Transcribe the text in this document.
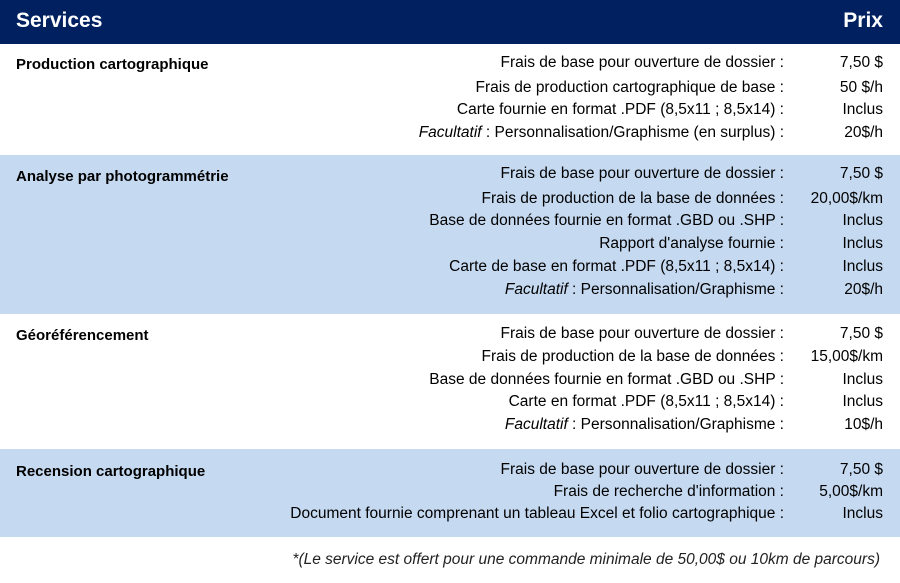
Services	Prix
Production cartographique	Frais de base pour ouverture de dossier :	7,50 $
Frais de production cartographique de base :	50 $/h
Carte fournie en format .PDF (8,5x11 ; 8,5x14) :	Inclus
Facultatif : Personnalisation/Graphisme (en surplus) :	20$/h
Analyse par photogrammétrie	Frais de base pour ouverture de dossier :	7,50 $
Frais de production de la base de données : 20,00$/km
Base de données fournie en format .GBD ou .SHP :	Inclus
Rapport d'analyse fournie :	Inclus
Carte de base en format .PDF (8,5x11 ; 8,5x14) :	Inclus
Facultatif : Personnalisation/Graphisme :	20$/h
Géoréférencement	Frais de base pour ouverture de dossier :	7,50 $
Frais de production de la base de données : 15,00$/km
Base de données fournie en format .GBD ou .SHP :	Inclus
Carte en format .PDF (8,5x11 ; 8,5x14) :	Inclus
Facultatif : Personnalisation/Graphisme :	10$/h
Recension cartographique	Frais de base pour ouverture de dossier :	7,50 $
Frais de recherche d'information : 5,00$/km
Document fournie comprenant un tableau Excel et folio cartographique :	Inclus
*(Le service est offert pour une commande minimale de 50,00$ ou 10km de parcours)
